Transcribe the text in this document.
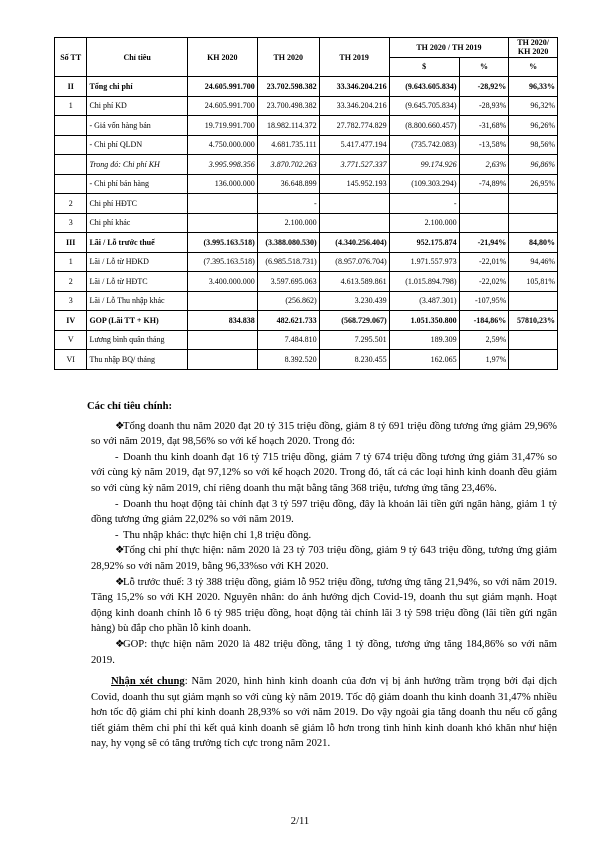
Số TT	Chỉ tiêu	KH 2020	TH 2020	TH 2019	TH 2020 / TH 2019		TH 2020/ KH 2020
					$	%	%
II	Tổng chi phí	24.605.991.700	23.702.598.382	33.346.204.216	(9.643.605.834)	-28,92%	96,33%
1	Chi phí KD	24.605.991.700	23.700.498.382	33.346.204.216	(9.645.705.834)	-28,93%	96,32%
	- Giá vốn hàng bán	19.719.991.700	18.982.114.372	27.782.774.829	(8.800.660.457)	-31,68%	96,26%
	- Chi phí QLDN	4.750.000.000	4.681.735.111	5.417.477.194	(735.742.083)	-13,58%	98,56%
	Trong đó: Chi phí KH	3.995.998.356	3.870.702.263	3.771.527.337	99.174.926	2,63%	96,86%
	- Chi phí bán hàng	136.000.000	36.648.899	145.952.193	(109.303.294)	-74,89%	26,95%
2	Chi phí HĐTC		-		-		
3	Chi phí khác		2.100.000		2.100.000		
III	Lãi / Lỗ trước thuế	(3.995.163.518)	(3.388.080.530)	(4.340.256.404)	952.175.874	-21,94%	84,80%
1	Lãi / Lỗ từ HĐKD	(7.395.163.518)	(6.985.518.731)	(8.957.076.704)	1.971.557.973	-22,01%	94,46%
2	Lãi / Lỗ từ HĐTC	3.400.000.000	3.597.695.063	4.613.589.861	(1.015.894.798)	-22,02%	105,81%
3	Lãi / Lỗ Thu nhập khác		(256.862)	3.230.439	(3.487.301)	-107,95%	
IV	GOP (Lãi TT + KH)	834.838	482.621.733	(568.729.067)	1.051.350.800	-184,86%	57810,23%
V	Lương bình quân tháng		7.484.810	7.295.501	189.309	2,59%	
VI	Thu nhập BQ/ tháng		8.392.520	8.230.455	162.065	1,97%	
Các chỉ tiêu chính:

❖Tổng doanh thu năm 2020 đạt 20 tỷ 315 triệu đồng, giảm 8 tỷ 691 triệu đồng tương ứng giảm 29,96% so với năm 2019, đạt 98,56% so với kế hoạch 2020. Trong đó:

- Doanh thu kinh doanh đạt 16 tỷ 715 triệu đồng, giảm 7 tỷ 674 triệu đồng tương ứng giảm 31,47% so với cùng kỳ năm 2019, đạt 97,12% so với kế hoạch 2020. Trong đó, tất cả các loại hình kinh doanh đều giảm so với cùng kỳ năm 2019, chỉ riêng doanh thu mặt bằng tăng 368 triệu, tương ứng tăng 23,46%.

- Doanh thu hoạt động tài chính đạt 3 tỷ 597 triệu đồng, đây là khoản lãi tiền gửi ngân hàng, giảm 1 tỷ đồng tương ứng giảm 22,02% so với năm 2019.

- Thu nhập khác: thực hiện chỉ 1,8 triệu đồng.

❖Tổng chi phí thực hiện: năm 2020 là 23 tỷ 703 triệu đồng, giảm 9 tỷ 643 triệu đồng, tương ứng giảm 28,92% so với năm 2019, bằng 96,33%so với KH 2020.

❖Lỗ trước thuế: 3 tỷ 388 triệu đồng, giảm lỗ 952 triệu đồng, tương ứng tăng 21,94%, so với năm 2019. Tăng 15,2% so với KH 2020. Nguyên nhân: do ảnh hưởng dịch Covid-19, doanh thu sụt giảm mạnh. Hoạt động kinh doanh chính lỗ 6 tỷ 985 triệu đồng, hoạt động tài chính lãi 3 tỷ 598 triệu đồng (lãi tiền gửi ngân hàng) bù đắp cho phần lỗ kinh doanh.

❖GOP: thực hiện năm 2020 là 482 triệu đồng, tăng 1 tỷ đồng, tương ứng tăng 184,86% so với năm 2019.

Nhận xét chung: Năm 2020, hình hình kinh doanh của đơn vị bị ảnh hưởng trầm trọng bởi đại dịch Covid, doanh thu sụt giảm mạnh so với cùng kỳ năm 2019. Tốc độ giảm doanh thu kinh doanh 31,47% nhiều hơn tốc độ giảm chi phí kinh doanh 28,93% so với năm 2019. Do vậy ngoài gia tăng doanh thu nếu cố gắng tiết giảm thêm chi phí thì kết quả kinh doanh sẽ giảm lỗ hơn trong tình hình kinh doanh khó khăn như hiện nay, hy vọng sẽ có tăng trưởng tích cực trong năm 2021.

2/11
